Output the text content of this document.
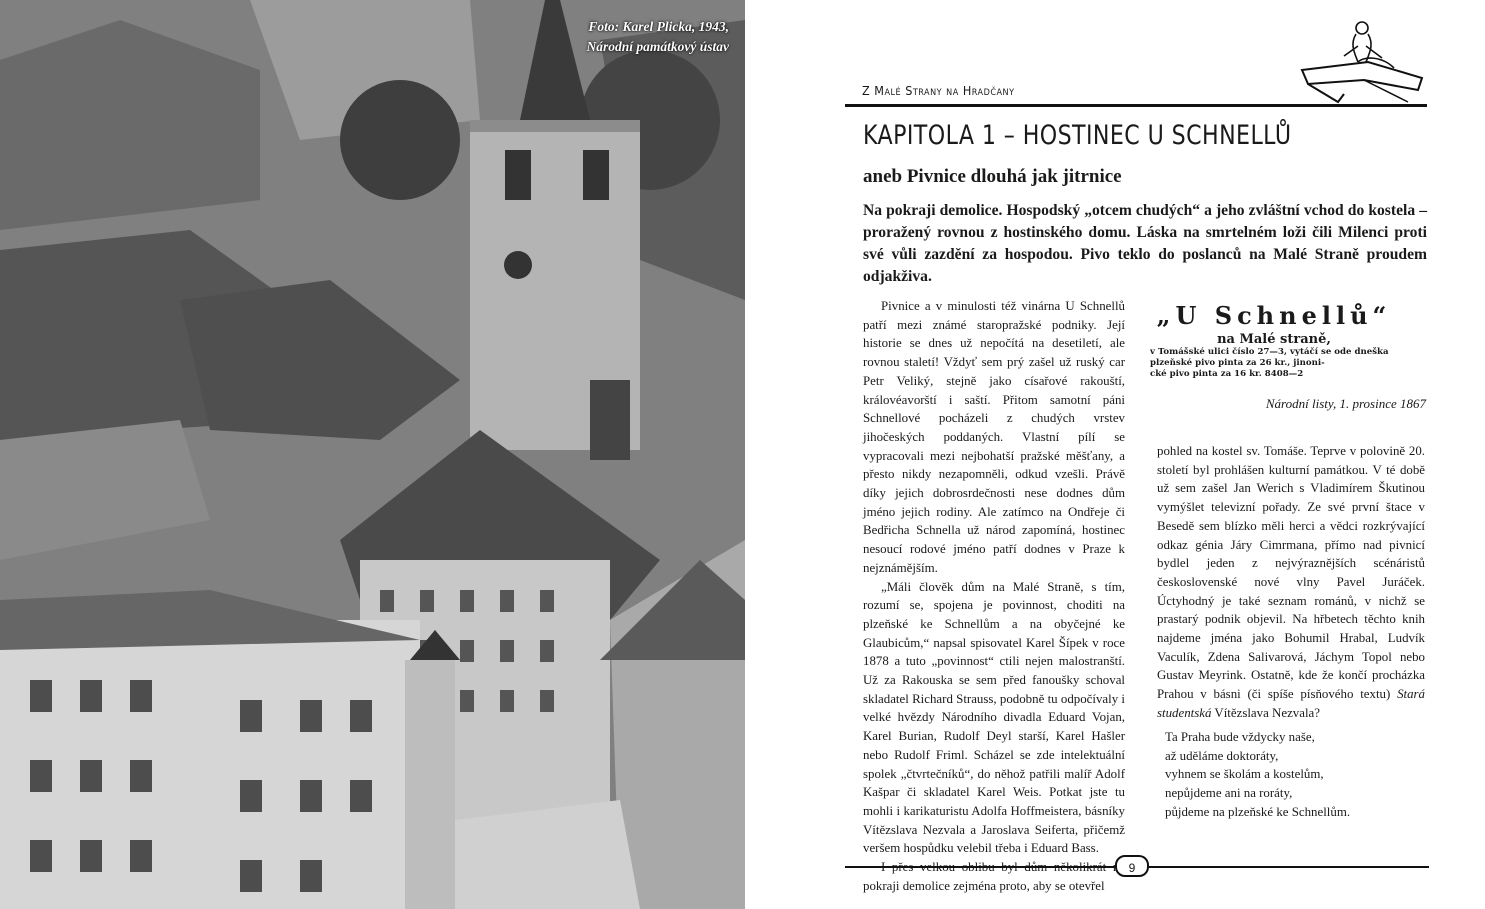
Foto: Karel Plicka, 1943,
Národní památkový ústav
Z Malé Strany na Hradčany
KAPITOLA 1 – HOSTINEC U SCHNELLŮ
aneb Pivnice dlouhá jak jitrnice
Na pokraji demolice. Hospodský „otcem chudých“ a jeho zvláštní vchod do kostela – proražený rovnou z hostinského domu. Láska na smrtelném loži čili Milenci proti své vůli zazdění za hospodou. Pivo teklo do poslanců na Malé Straně proudem odjakživa.

Pivnice a v minulosti též vinárna U Schnellů patří mezi známé staropražské podniky. Její historie se dnes už nepočítá na desetiletí, ale rovnou staletí! Vždyť sem prý zašel už ruský car Petr Veliký, stejně jako císařové rakouští, královéavorští i saští. Přitom samotní páni Schnellové pocházeli z chudých vrstev jihočeských poddaných. Vlastní pílí se vypracovali mezi nejbohatší pražské měšťany, a přesto nikdy nezapomněli, odkud vzešli. Právě díky jejich dobrosrdečnosti nese dodnes dům jméno jejich rodiny. Ale zatímco na Ondřeje či Bedřicha Schnella už národ zapomíná, hostinec nesoucí rodové jméno patří dodnes v Praze k nejznámějším.

„Máli člověk dům na Malé Straně, s tím, rozumí se, spojena je povinnost, choditi na plzeňské ke Schnellům a na obyčejné ke Glaubicům,“ napsal spisovatel Karel Šípek v roce 1878 a tuto „povinnost“ ctili nejen malostranští. Už za Rakouska se sem před fanoušky schoval skladatel Richard Strauss, podobně tu odpočívaly i velké hvězdy Národního divadla Eduard Vojan, Karel Burian, Rudolf Deyl starší, Karel Hašler nebo Rudolf Friml. Scházel se zde intelektuální spolek „čtvrtečníků“, do něhož patřili malíř Adolf Kašpar či skladatel Karel Weis. Potkat jste tu mohli i karikaturistu Adolfa Hoffmeistera, básníky Vítězslava Nezvala a Jaroslava Seiferta, přičemž veršem hospůdku velebil třeba i Eduard Bass.

pokraji demolice zejména proto, aby se otevřel

„U Schnellů“
na Malé straně,
v Tomášské ulici číslo 27—3, vytáčí se ode dneška
plzeňské pivo pinta za 26 kr., jinoni-
cké pivo pinta za 16 kr. 8408—2
Národní listy, 1. prosince 1867

pohled na kostel sv. Tomáše. Teprve v polovině 20. století byl prohlášen kulturní památkou. V té době už sem zašel Jan Werich s Vladimírem Škutinou vymýšlet televizní pořady. Ze své první štace v Besedě sem blízko měli herci a vědci rozkrývající odkaz génia Járy Cimrmana, přímo nad pivnicí bydlel jeden z nejvýraznějších scénáristů československé nové vlny Pavel Juráček. Úctyhodný je také seznam románů, v nichž se prastarý podnik objevil. Na hřbetech těchto knih najdeme jména jako Bohumil Hrabal, Ludvík Vaculík, Zdena Salivarová, Jáchym Topol nebo Gustav Meyrink. Ostatně, kde že končí procházka Prahou v básni (či spíše písňového textu) Stará studentská Vítězslava Nezvala?

Ta Praha bude vždycky naše,
až uděláme doktoráty,
vyhnem se školám a kostelům,
nepůjdeme ani na roráty,
půjdeme na plzeňské ke Schnellům.
9
